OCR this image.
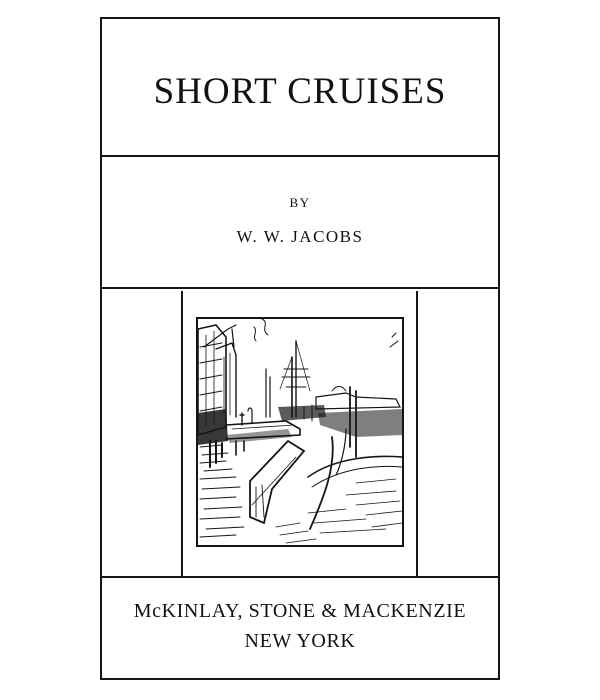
SHORT CRUISES
BY
W. W. JACOBS
McKINLAY, STONE & MACKENZIE
NEW YORK
